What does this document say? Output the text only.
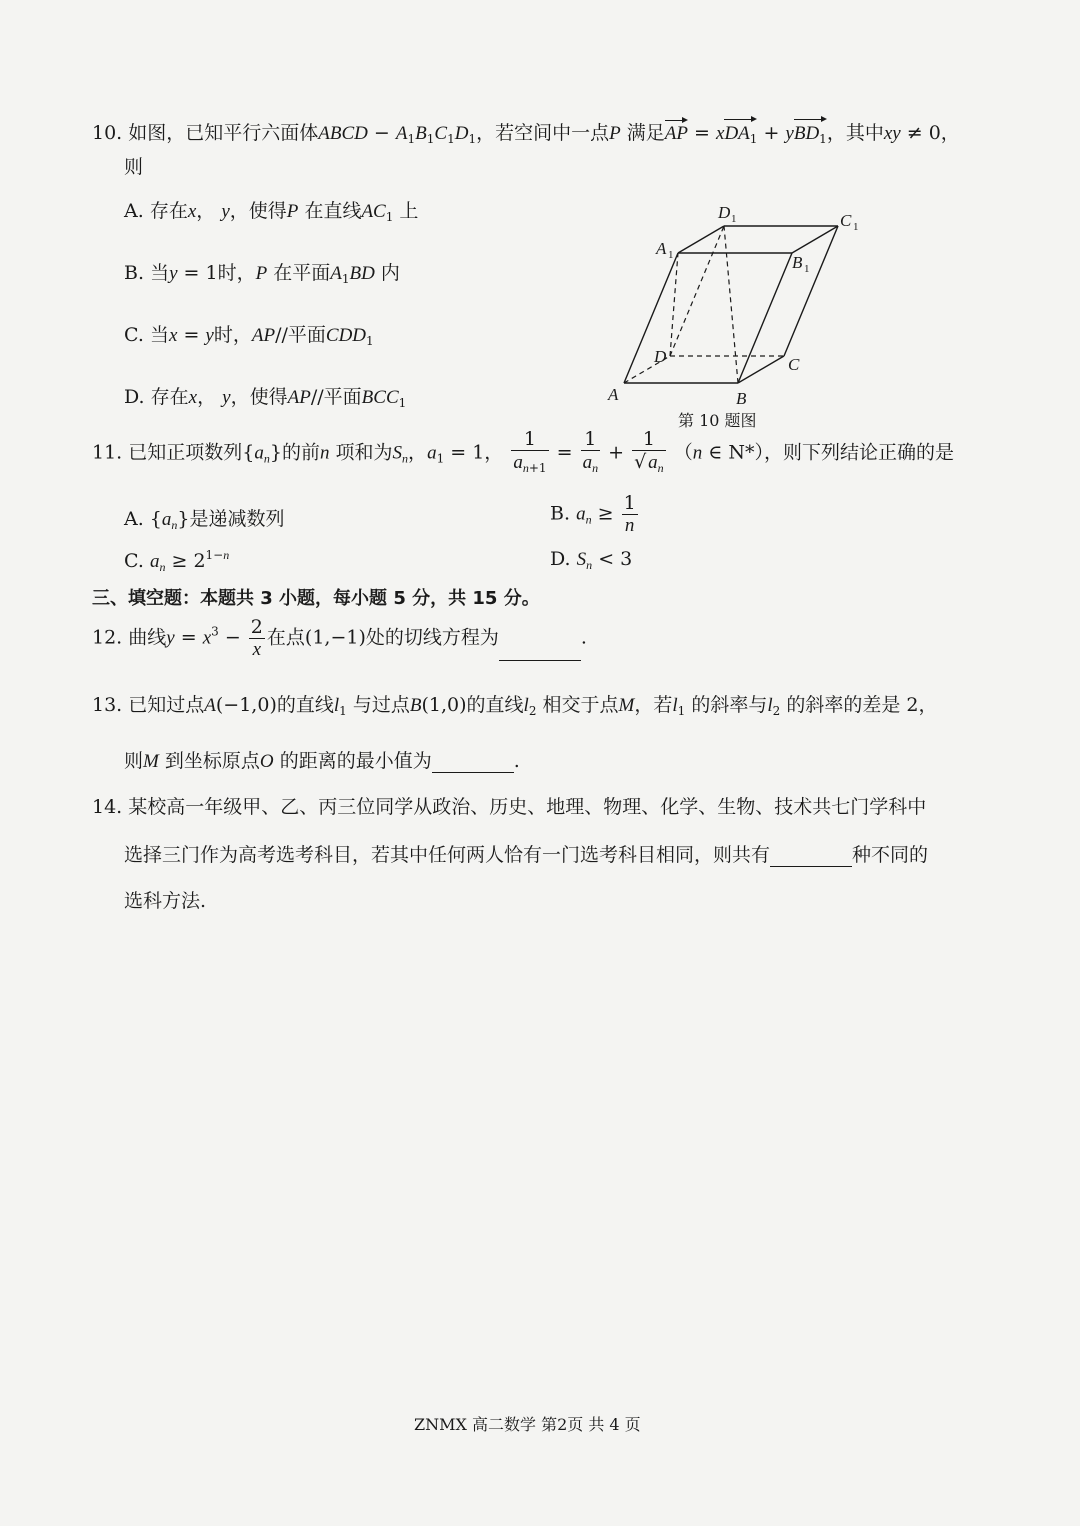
10. 如图，已知平行六面体ABCD − $A_1B_1C_1D_1$，若空间中一点P 满足AP = xDA$_1$ + yBD$_1$，其中xy ≠ 0，
则
A. 存在x， y，使得P 在直线$AC_1$ 上
B. 当y = 1时，P 在平面$A_1BD$ 内
C. 当x = y时，AP//平面$CDD_1$
D. 存在x， y，使得AP//平面$BCC_1$	A	B
C
D
A
B
C
D
1
1
1
1
第 10 题图
11. 已知正项数列$\{a_n\}$的前n 项和为$S_n$，$a_1 = 1$， $\frac{1}{a_{n+1}} = \frac{1}{a_n} + \frac{1}{√ a_n} (n$ ∈ N*），则下列结论正确的是
A. $\{a_n\}$是递减数列	B. $a_n \ge \frac{1}{n}$
C. $a_n \ge 2^{1-n}$	D. $S_n < 3$
三、填空题：本题共 3 小题，每小题 5 分，共 15 分。
12. 曲线$y = x^3 - \frac{2}{x}$ 在点(1,−1)处的切线方程为	.
13. 已知过点A(−1,0)的直线$l_1$ 与过点B(1,0)的直线$l_2$ 相交于点M，若$l_1$ 的斜率与$l_2$ 的斜率的差是 2，
则M 到坐标原点O 的距离的最小值为	.
14. 某校高一年级甲、乙、丙三位同学从政治、历史、地理、物理、化学、生物、技术共七门学科中
选择三门作为高考选考科目，若其中任何两人恰有一门选考科目相同，则共有	种不同的
选科方法.
ZNMX 高二数学 第2页 共 4 页
